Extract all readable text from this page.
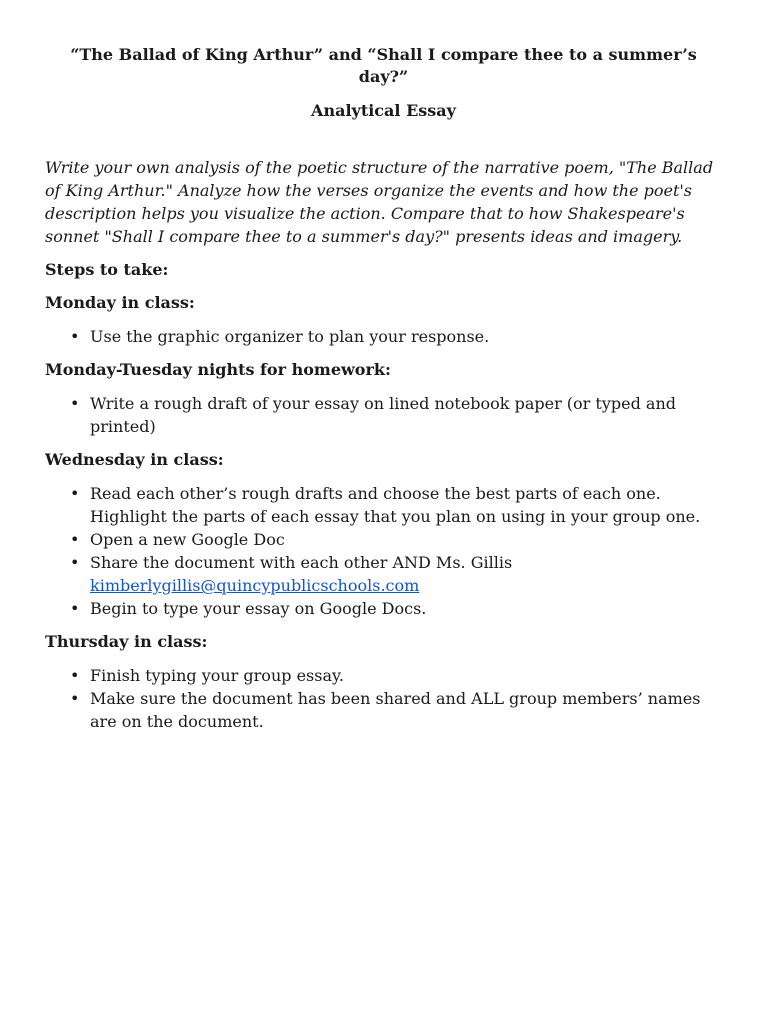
“The Ballad of King Arthur” and “Shall I compare thee to a summer’s day?”

Analytical Essay

Write your own analysis of the poetic structure of the narrative poem, "The Ballad of King Arthur." Analyze how the verses organize the events and how the poet's description helps you visualize the action. Compare that to how Shakespeare's sonnet "Shall I compare thee to a summer's day?" presents ideas and imagery.

Steps to take:

Monday in class:

• Use the graphic organizer to plan your response.

Monday-Tuesday nights for homework:

• Write a rough draft of your essay on lined notebook paper (or typed and printed)

Wednesday in class:

• Read each other’s rough drafts and choose the best parts of each one. Highlight the parts of each essay that you plan on using in your group one.
• Open a new Google Doc
• Share the document with each other AND Ms. Gillis
kimberlygillis@quincypublicschools.com
• Begin to type your essay on Google Docs.

Thursday in class:

• Finish typing your group essay.
• Make sure the document has been shared and ALL group members’ names are on the document.
